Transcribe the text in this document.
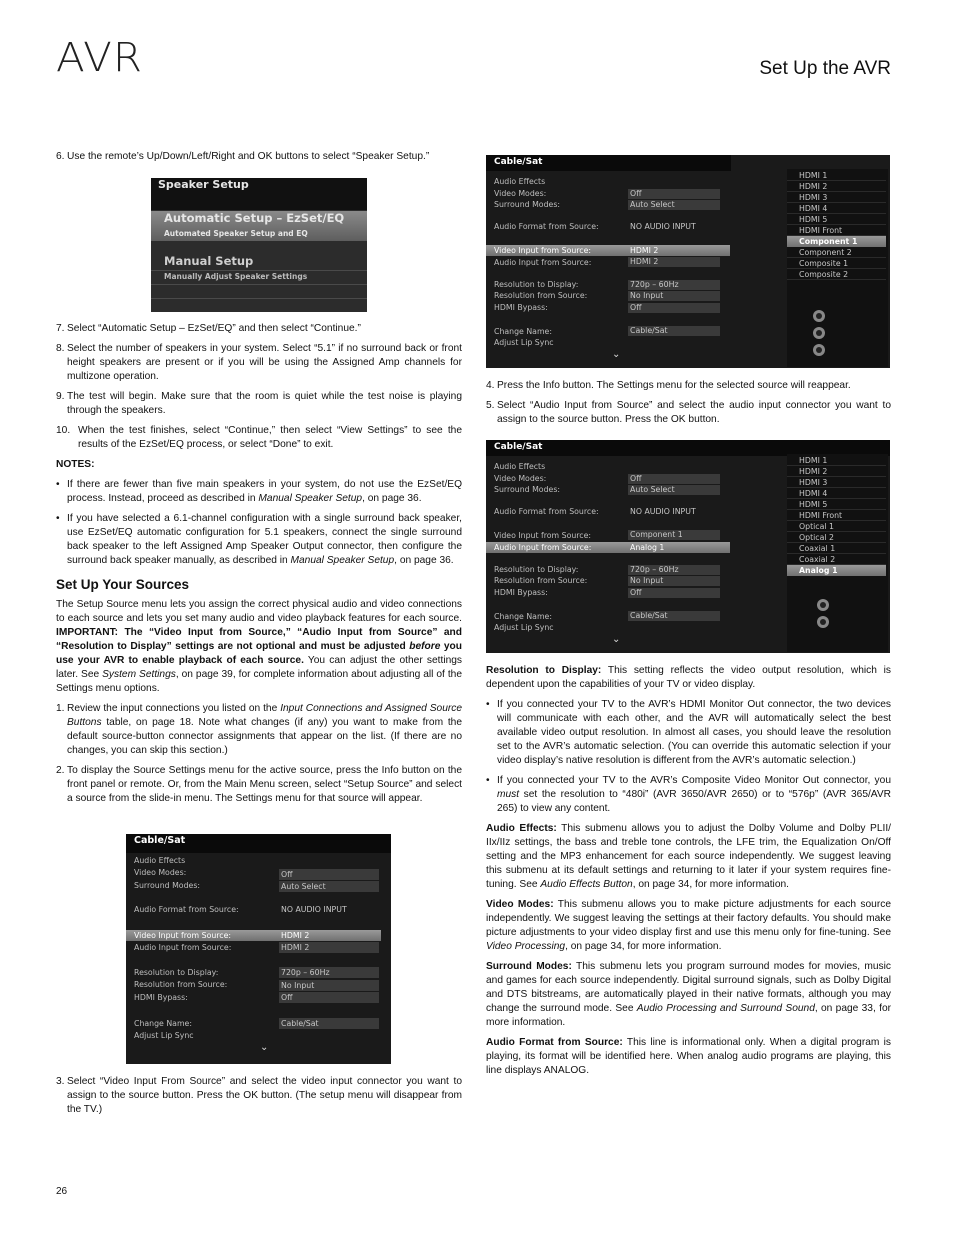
AVR	Set Up the AVR
6. Use the remote’s Up/Down/Left/Right and OK buttons to select “Speaker Setup.”
Speaker Setup
Automatic Setup – EzSet/EQ
Automated Speaker Setup and EQ
Manual Setup
Manually Adjust Speaker Settings
7. Select “Automatic Setup – EzSet/EQ” and then select “Continue.”
8. Select the number of speakers in your system. Select “5.1” if no surround back or front height speakers are present or if you will be using the Assigned Amp channels for multizone operation.
9. The test will begin. Make sure that the room is quiet while the test noise is playing through the speakers.
10. When the test finishes, select “Continue,” then select “View Settings” to see the results of the EzSet/EQ process, or select “Done” to exit.

NOTES:

• If there are fewer than five main speakers in your system, do not use the EzSet/EQ process. Instead, proceed as described in Manual Speaker Setup, on page 36.
• If you have selected a 6.1-channel configuration with a single surround back speaker, use EzSet/EQ automatic configuration for 5.1 speakers, connect the single surround back speaker to the left Assigned Amp Speaker Output connector, then configure the surround back speaker manually, as described in Manual Speaker Setup, on page 36.
Set Up Your Sources

The Setup Source menu lets you assign the correct physical audio and video connections to each source and lets you set many audio and video playback features for each source. IMPORTANT: The “Video Input from Source,” “Audio Input from Source” and “Resolution to Display” settings are not optional and must be adjusted before you use your AVR to enable playback of each source. You can adjust the other settings later. See System Settings, on page 39, for complete information about adjusting all of the Settings menu options.

1. Review the input connections you listed on the Input Connections and Assigned Source Buttons table, on page 18. Note what changes (if any) you want to make from the default source-button connector assignments that appear on the list. (If there are no changes, you can skip this section.)
2. To display the Source Settings menu for the active source, press the Info button on the front panel or remote. Or, from the Main Menu screen, select “Setup Source” and select a source from the slide-in menu. The Settings menu for that source will appear.
Cable/Sat
Audio Effects
Video Modes:	Off
Surround Modes:	Auto Select
Audio Format from Source:	NO AUDIO INPUT
Video Input from Source:	HDMI 2
Audio Input from Source:	HDMI 2
Resolution to Display:	720p – 60Hz
Resolution from Source:	No Input
HDMI Bypass:	Off
Change Name:	Cable/Sat
Adjust Lip Sync
⌄
3. Select “Video Input From Source” and select the video input connector you want to assign to the source button. Press the OK button. (The setup menu will disappear from the TV.)
Cable/Sat
Audio Effects
Video Modes:	Off
Surround Modes:	Auto Select
Audio Format from Source:	NO AUDIO INPUT
Video Input from Source:	HDMI 2
Audio Input from Source:	HDMI 2
Resolution to Display:	720p – 60Hz
Resolution from Source:	No Input
HDMI Bypass:	Off
Change Name:	Cable/Sat
Adjust Lip Sync
⌄
HDMI 1
HDMI 2
HDMI 3
HDMI 4
HDMI 5
HDMI Front
Component 1
Component 2
Composite 1
Composite 2
4. Press the Info button. The Settings menu for the selected source will reappear.
5. Select “Audio Input from Source” and select the audio input connector you want to assign to the source button. Press the OK button.
Cable/Sat
Audio Effects
Video Modes:	Off
Surround Modes:	Auto Select
Audio Format from Source:	NO AUDIO INPUT
Video Input from Source:	Component 1
Audio Input from Source:	Analog 1
Resolution to Display:	720p – 60Hz
Resolution from Source:	No Input
HDMI Bypass:	Off
Change Name:	Cable/Sat
Adjust Lip Sync
⌄
HDMI 1
HDMI 2
HDMI 3
HDMI 4
HDMI 5
HDMI Front
Optical 1
Optical 2
Coaxial 1
Coaxial 2
Analog 1

Resolution to Display: This setting reflects the video output resolution, which is dependent upon the capabilities of your TV or video display.

• If you connected your TV to the AVR’s HDMI Monitor Out connector, the two devices will communicate with each other, and the AVR will automatically select the best available video output resolution. In almost all cases, you should leave the resolution set to the AVR’s automatic selection. (You can override this automatic selection if your video display’s native resolution is different from the AVR’s automatic selection.)
• If you connected your TV to the AVR’s Composite Video Monitor Out connector, you must set the resolution to “480i” (AVR 3650/AVR 2650) or to “576p” (AVR 365/AVR 265) to view any content.

Audio Effects: This submenu allows you to adjust the Dolby Volume and Dolby PLII/ IIx/IIz settings, the bass and treble tone controls, the LFE trim, the Equalization On/Off setting and the MP3 enhancement for each source independently. We suggest leaving this submenu at its default settings and returning to it later if your system requires fine-tuning. See Audio Effects Button, on page 34, for more information.

Video Modes: This submenu allows you to make picture adjustments for each source independently. We suggest leaving the settings at their factory defaults. You should make picture adjustments to your video display first and use this menu only for fine-tuning. See Video Processing, on page 34, for more information.

Surround Modes: This submenu lets you program surround modes for movies, music and games for each source independently. Digital surround signals, such as Dolby Digital and DTS bitstreams, are automatically played in their native formats, although you may change the surround mode. See Audio Processing and Surround Sound, on page 33, for more information.

Audio Format from Source: This line is informational only. When a digital program is playing, its format will be identified here. When analog audio programs are playing, this line displays ANALOG.

26
